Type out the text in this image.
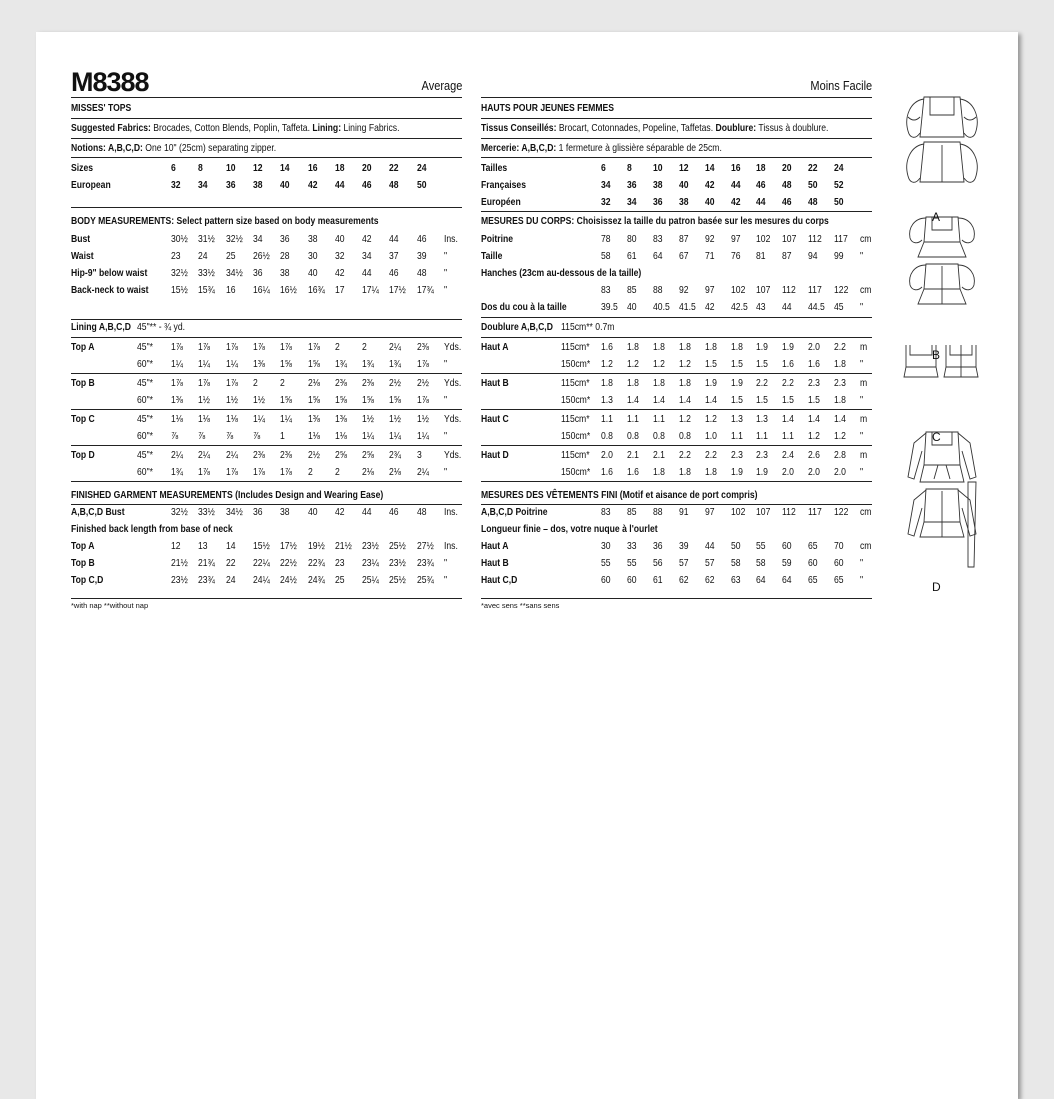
M8388	Average
MISSES' TOPS
Suggested Fabrics: Brocades, Cotton Blends, Poplin, Taffeta. Lining: Lining Fabrics.
Notions: A,B,C,D: One 10" (25cm) separating zipper.
Sizes	6 8 10 12 14 16 18 20 22 24
European	32 34 36 38 40 42 44 46 48 50
BODY MEASUREMENTS: Select pattern size based on body measurements
Bust	30½ 31½ 32½ 34 36 38 40 42 44 46 Ins.
Waist	23 24 25 26½ 28 30 32 34 37 39 "
Hip-9" below waist 32½ 33½ 34½ 36 38 40 42 44 46 48 "
Back-neck to waist 15½ 15¾ 16 16¼ 16½ 16¾ 17 17¼ 17½ 17¾ "
Lining A,B,C,D 45"** - ¾ yd.
Top A	45"* 1⅞ 1⅞ 1⅞ 1⅞ 1⅞ 1⅞ 2 2 2¼ 2⅜ Yds.
60"* 1¼ 1¼ 1¼ 1⅜ 1⅝ 1⅝ 1¾ 1¾ 1¾ 1⅞ "
Top B	45"* 1⅞ 1⅞ 1⅞ 2 2 2⅛ 2⅜ 2⅜ 2½ 2½ Yds.
60"* 1⅜ 1½ 1½ 1½ 1⅝ 1⅝ 1⅝ 1⅝ 1⅝ 1⅞ "
Top C	45"* 1⅛ 1⅛ 1⅛ 1¼ 1¼ 1⅜ 1⅜ 1½ 1½ 1½ Yds.
60"* ⅞ ⅞ ⅞ ⅞ 1 1⅛ 1⅛ 1¼ 1¼ 1¼ "
Top D	45"* 2¼ 2¼ 2¼ 2⅜ 2⅜ 2½ 2⅝ 2⅝ 2¾ 3 Yds.
60"* 1¾ 1⅞ 1⅞ 1⅞ 1⅞ 2 2 2⅛ 2⅛ 2¼ "
FINISHED GARMENT MEASUREMENTS (Includes Design and Wearing Ease)
A,B,C,D Bust	32½ 33½ 34½ 36 38 40 42 44 46 48 Ins.
Finished back length from base of neck
Top A	12 13 14 15½ 17½ 19½ 21½ 23½ 25½ 27½ Ins.
Top B	21½ 21¾ 22 22¼ 22½ 22¾ 23 23¼ 23½ 23¾ "
Top C,D	23½ 23¾ 24 24¼ 24½ 24¾ 25 25¼ 25½ 25¾ "
*with nap **without nap
Moins Facile
HAUTS POUR JEUNES FEMMES
Tissus Conseillés: Brocart, Cotonnades, Popeline, Taffetas. Doublure: Tissus à doublure.
Mercerie: A,B,C,D: 1 fermeture à glissière séparable de 25cm.
Tailles	6 8 10 12 14 16 18 20 22 24
Françaises	34 36 38 40 42 44 46 48 50 52
Européen	32 34 36 38 40 42 44 46 48 50
MESURES DU CORPS: Choisissez la taille du patron basée sur les mesures du corps
Poitrine	78 80 83 87 92 97 102 107 112 117 cm
Taille	58 61 64 67 71 76 81 87 94 99 "
Hanches (23cm au-dessous de la taille)
83 85 88 92 97 102 107 112 117 122 cm
Dos du cou à la taille	39.5 40 40.5 41.5 42 42.5 43 44 44.5 45 "
Doublure A,B,C,D 115cm** 0.7m
Haut A	115cm* 1.6 1.8 1.8 1.8 1.8 1.8 1.9 1.9 2.0 2.2 m
150cm* 1.2 1.2 1.2 1.2 1.5 1.5 1.5 1.6 1.6 1.8 "
Haut B	115cm* 1.8 1.8 1.8 1.8 1.9 1.9 2.2 2.2 2.3 2.3 m
150cm* 1.3 1.4 1.4 1.4 1.4 1.5 1.5 1.5 1.5 1.8 "
Haut C	115cm* 1.1 1.1 1.1 1.2 1.2 1.3 1.3 1.4 1.4 1.4 m
150cm* 0.8 0.8 0.8 0.8 1.0 1.1 1.1 1.1 1.2 1.2 "
Haut D	115cm* 2.0 2.1 2.1 2.2 2.2 2.3 2.3 2.4 2.6 2.8 m
150cm* 1.6 1.6 1.8 1.8 1.8 1.9 1.9 2.0 2.0 2.0 "
MESURES DES VÊTEMENTS FINI (Motif et aisance de port compris)
A,B,C,D Poitrine	83 85 88 91 97 102 107 112 117 122 cm
Longueur finie – dos, votre nuque à l'ourlet
Haut A	30 33 36 39 44 50 55 60 65 70 cm
Haut B	55 55 56 57 57 58 58 59 60 60 "
Haut C,D	60 60 61 62 62 63 64 64 65 65 "
*avec sens **sans sens
A
B
C
D
